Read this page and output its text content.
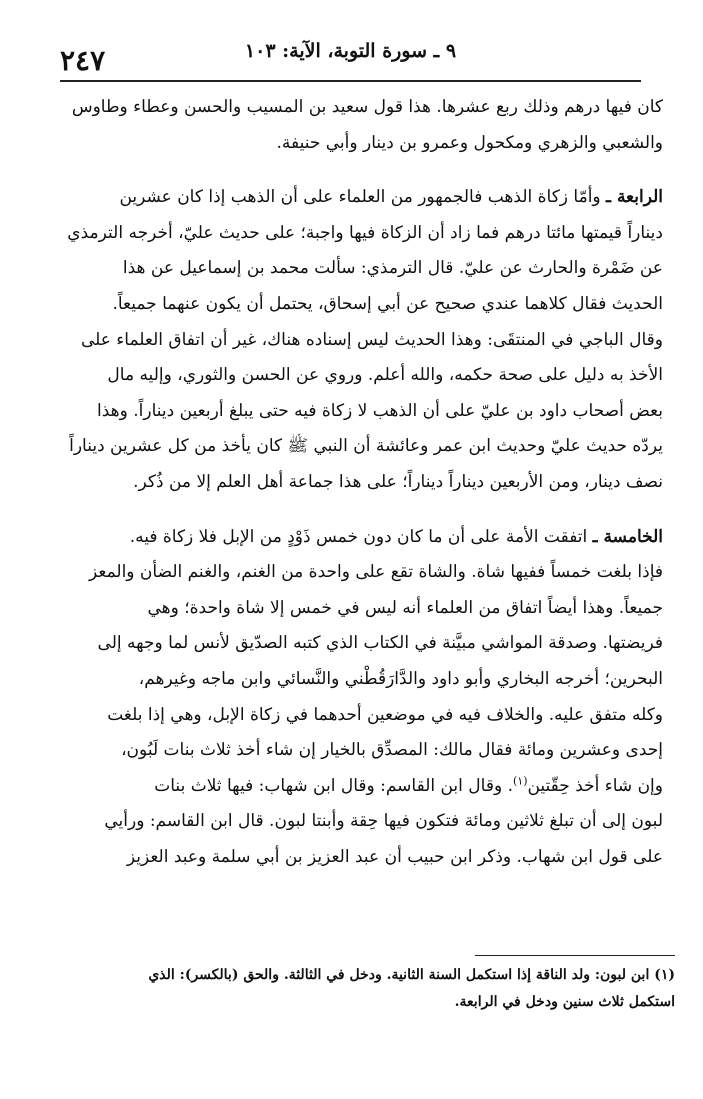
٢٤٧	٩ ـ سورة التوبة، الآية: ١٠٣
كان فيها درهم وذلك ربع عشرها. هذا قول سعيد بن المسيب والحسن وعطاء وطاوس
والشعبي والزهري ومكحول وعمرو بن دينار وأبي حنيفة.
الرابعة ـ وأمّا زكاة الذهب فالجمهور من العلماء على أن الذهب إذا كان عشرين
ديناراً قيمتها مائتا درهم فما زاد أن الزكاة فيها واجبة؛ على حديث عليّ، أخرجه الترمذي
عن ضَمْرة والحارث عن عليّ. قال الترمذي: سألت محمد بن إسماعيل عن هذا
الحديث فقال كلاهما عندي صحيح عن أبي إسحاق، يحتمل أن يكون عنهما جميعاً.
وقال الباجي في المنتقَى: وهذا الحديث ليس إسناده هناك، غير أن اتفاق العلماء على
الأخذ به دليل على صحة حكمه، والله أعلم. وروي عن الحسن والثوري، وإليه مال
بعض أصحاب داود بن عليّ على أن الذهب لا زكاة فيه حتى يبلغ أربعين ديناراً. وهذا
يردّه حديث عليّ وحديث ابن عمر وعائشة أن النبي ﷺ كان يأخذ من كل عشرين ديناراً
نصف دينار، ومن الأربعين ديناراً ديناراً؛ على هذا جماعة أهل العلم إلا من ذُكر.
الخامسة ـ اتفقت الأمة على أن ما كان دون خمس ذَوْدٍ من الإبل فلا زكاة فيه.
فإذا بلغت خمساً ففيها شاة. والشاة تقع على واحدة من الغنم، والغنم الضأن والمعز
جميعاً. وهذا أيضاً اتفاق من العلماء أنه ليس في خمس إلا شاة واحدة؛ وهي
فريضتها. وصدقة المواشي مبيَّنة في الكتاب الذي كتبه الصدّيق لأنس لما وجهه إلى
البحرين؛ أخرجه البخاري وأبو داود والدَّارَقُطْني والنَّسائي وابن ماجه وغيرهم،
وكله متفق عليه. والخلاف فيه في موضعين أحدهما في زكاة الإبل، وهي إذا بلغت
إحدى وعشرين ومائة فقال مالك: المصدِّق بالخيار إن شاء أخذ ثلاث بنات لَبُون،
وإن شاء أخذ حِقّتين$^{(١)}$. وقال ابن القاسم: وقال ابن شهاب: فيها ثلاث بنات
لبون إلى أن تبلغ ثلاثين ومائة فتكون فيها حِقة وأبنتا لبون. قال ابن القاسم: ورأيي
على قول ابن شهاب. وذكر ابن حبيب أن عبد العزيز بن أبي سلمة وعبد العزيز

(١) ابن لبون: ولد الناقة إذا استكمل السنة الثانية. ودخل في الثالثة. والحق (بالكسر): الذي

استكمل ثلاث سنين ودخل في الرابعة.
